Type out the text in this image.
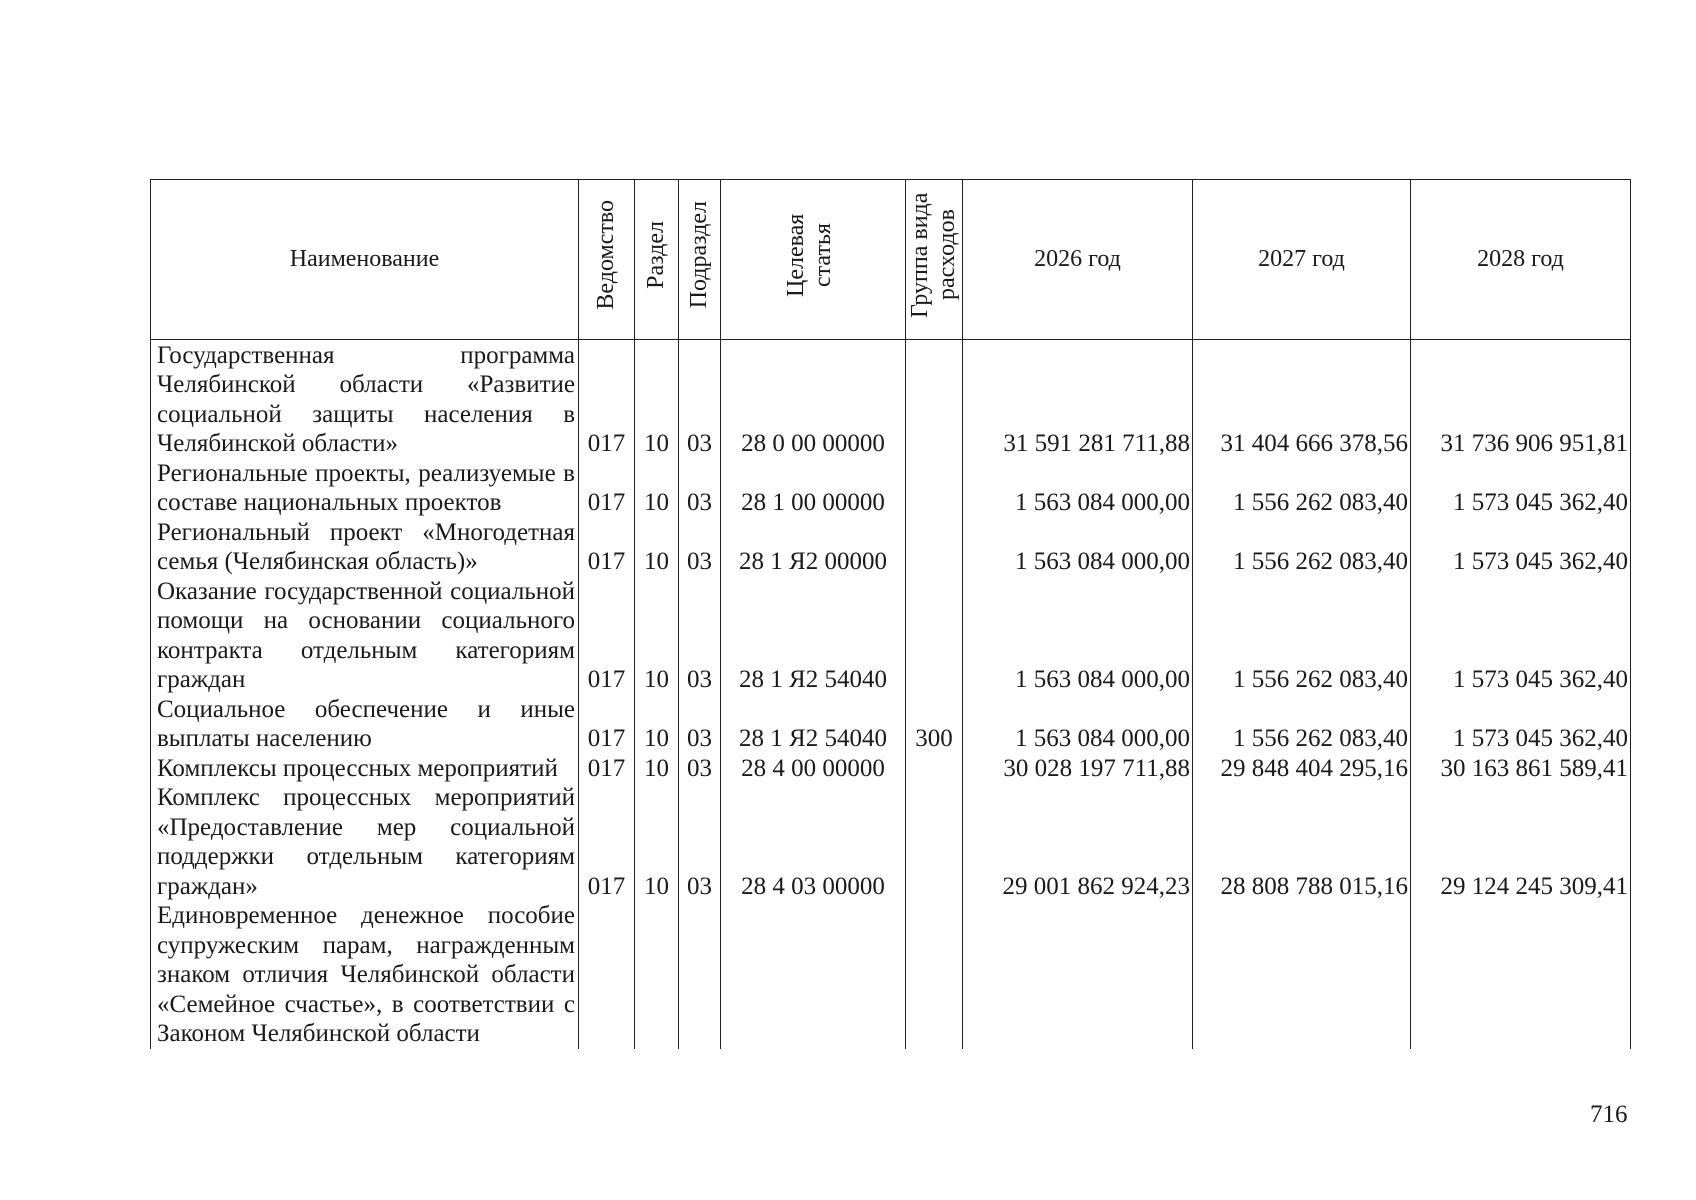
Наименование	Ведомство	Раздел	Подраздел	Целевая статья	Группа вида расходов	2026 год	2027 год	2028 год
Государственная программа Челябинской области «Развитие социальной защиты населения в Челябинской области»	017	10	03	28 0 00 00000		31 591 281 711,88	31 404 666 378,56	31 736 906 951,81
Региональные проекты, реализуемые в составе национальных проектов	017	10	03	28 1 00 00000		1 563 084 000,00	1 556 262 083,40	1 573 045 362,40
Региональный проект «Многодетная семья (Челябинская область)»	017	10	03	28 1 Я2 00000		1 563 084 000,00	1 556 262 083,40	1 573 045 362,40
Оказание государственной социальной помощи на основании социального контракта отдельным категориям граждан	017	10	03	28 1 Я2 54040		1 563 084 000,00	1 556 262 083,40	1 573 045 362,40
Социальное обеспечение и иные выплаты населению	017	10	03	28 1 Я2 54040	300	1 563 084 000,00	1 556 262 083,40	1 573 045 362,40
Комплексы процессных мероприятий	017	10	03	28 4 00 00000		30 028 197 711,88	29 848 404 295,16	30 163 861 589,41
Комплекс процессных мероприятий «Предоставление мер социальной поддержки отдельным категориям граждан»	017	10	03	28 4 03 00000		29 001 862 924,23	28 808 788 015,16	29 124 245 309,41
Единовременное денежное пособие супружеским парам, награжденным знаком отличия Челябинской области «Семейное счастье», в соответствии с Законом Челябинской области								
716
